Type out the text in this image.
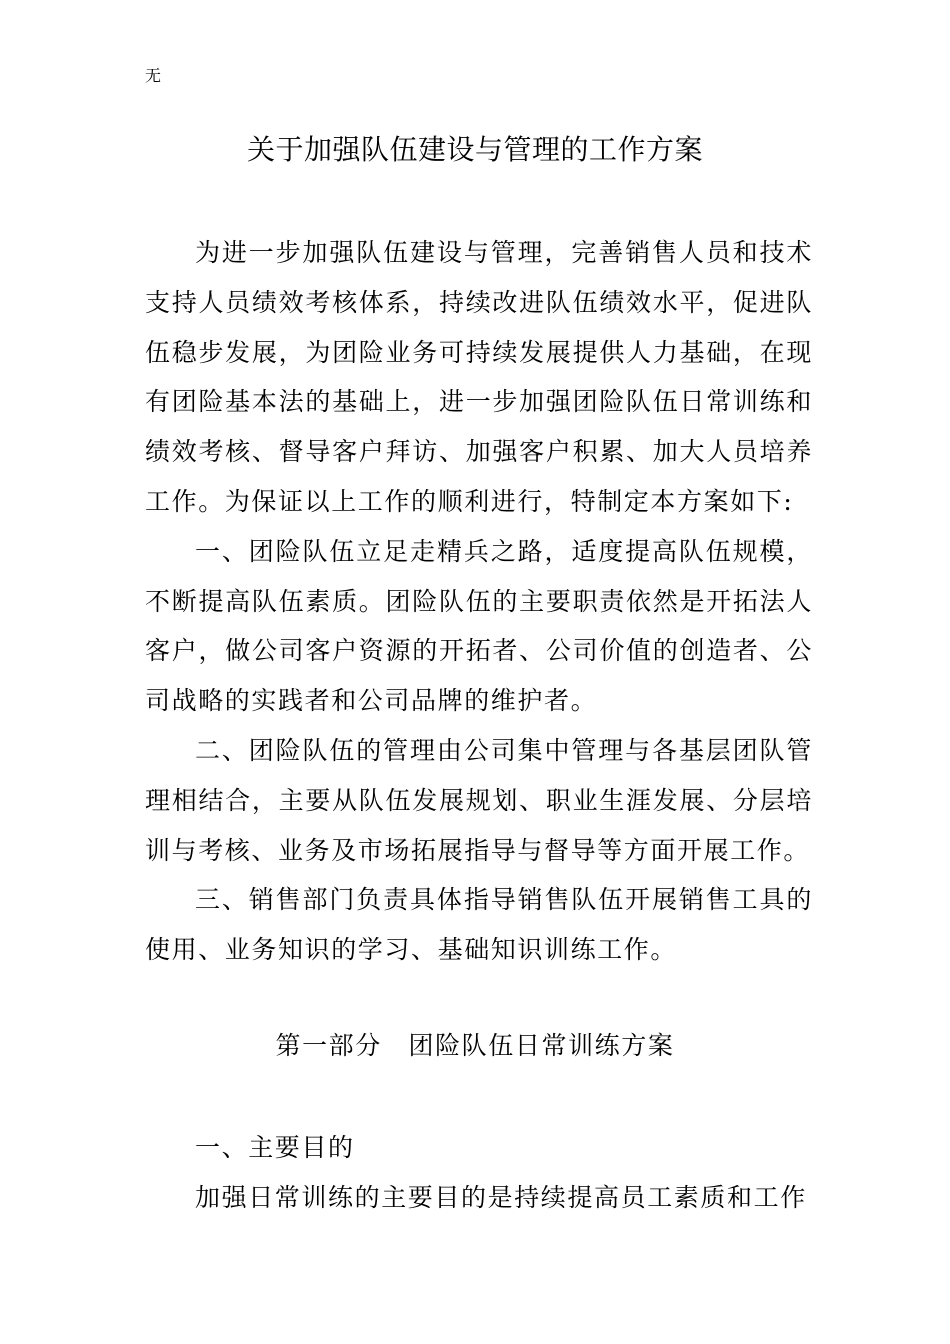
无
关于加强队伍建设与管理的工作方案

为进一步加强队伍建设与管理，完善销售人员和技术支持人员绩效考核体系，持续改进队伍绩效水平，促进队伍稳步发展，为团险业务可持续发展提供人力基础，在现有团险基本法的基础上，进一步加强团险队伍日常训练和绩效考核、督导客户拜访、加强客户积累、加大人员培养工作。为保证以上工作的顺利进行，特制定本方案如下:

一、团险队伍立足走精兵之路，适度提高队伍规模，不断提高队伍素质。团险队伍的主要职责依然是开拓法人客户，做公司客户资源的开拓者、公司价值的创造者、公司战略的实践者和公司品牌的维护者。

二、团险队伍的管理由公司集中管理与各基层团队管理相结合，主要从队伍发展规划、职业生涯发展、分层培训与考核、业务及市场拓展指导与督导等方面开展工作。

三、销售部门负责具体指导销售队伍开展销售工具的使用、业务知识的学习、基础知识训练工作。

第一部分　团险队伍日常训练方案

一、主要目的

加强日常训练的主要目的是持续提高员工素质和工作
